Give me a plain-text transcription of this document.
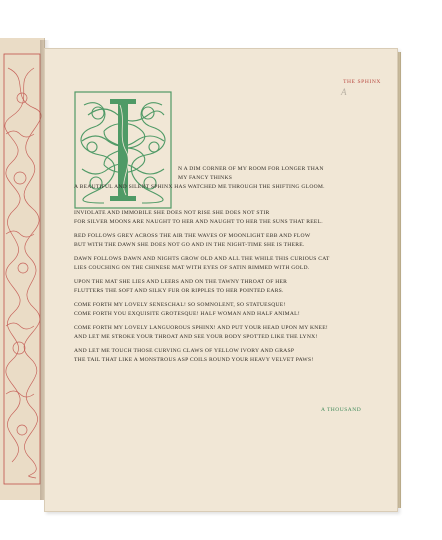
THE SPHINX
A
N A DIM CORNER OF MY ROOM FOR LONGER THAN
MY FANCY THINKS
A BEAUTIFUL AND SILENT SPHINX HAS WATCHED ME THROUGH THE SHIFTING GLOOM.
INVIOLATE AND IMMOBILE SHE DOES NOT RISE SHE DOES NOT STIR
FOR SILVER MOONS ARE NAUGHT TO HER AND NAUGHT TO HER THE SUNS THAT REEL.
RED FOLLOWS GREY ACROSS THE AIR THE WAVES OF MOONLIGHT EBB AND FLOW
BUT WITH THE DAWN SHE DOES NOT GO AND IN THE NIGHT-TIME SHE IS THERE.
DAWN FOLLOWS DAWN AND NIGHTS GROW OLD AND ALL THE WHILE THIS CURIOUS CAT
LIES COUCHING ON THE CHINESE MAT WITH EYES OF SATIN RIMMED WITH GOLD.
UPON THE MAT SHE LIES AND LEERS AND ON THE TAWNY THROAT OF HER
FLUTTERS THE SOFT AND SILKY FUR OR RIPPLES TO HER POINTED EARS.
COME FORTH MY LOVELY SENESCHAL! SO SOMNOLENT, SO STATUESQUE!
COME FORTH YOU EXQUISITE GROTESQUE! HALF WOMAN AND HALF ANIMAL!
COME FORTH MY LOVELY LANGUOROUS SPHINX! AND PUT YOUR HEAD UPON MY KNEE!
AND LET ME STROKE YOUR THROAT AND SEE YOUR BODY SPOTTED LIKE THE LYNX!
AND LET ME TOUCH THOSE CURVING CLAWS OF YELLOW IVORY AND GRASP
THE TAIL THAT LIKE A MONSTROUS ASP COILS ROUND YOUR HEAVY VELVET PAWS!
A THOUSAND
